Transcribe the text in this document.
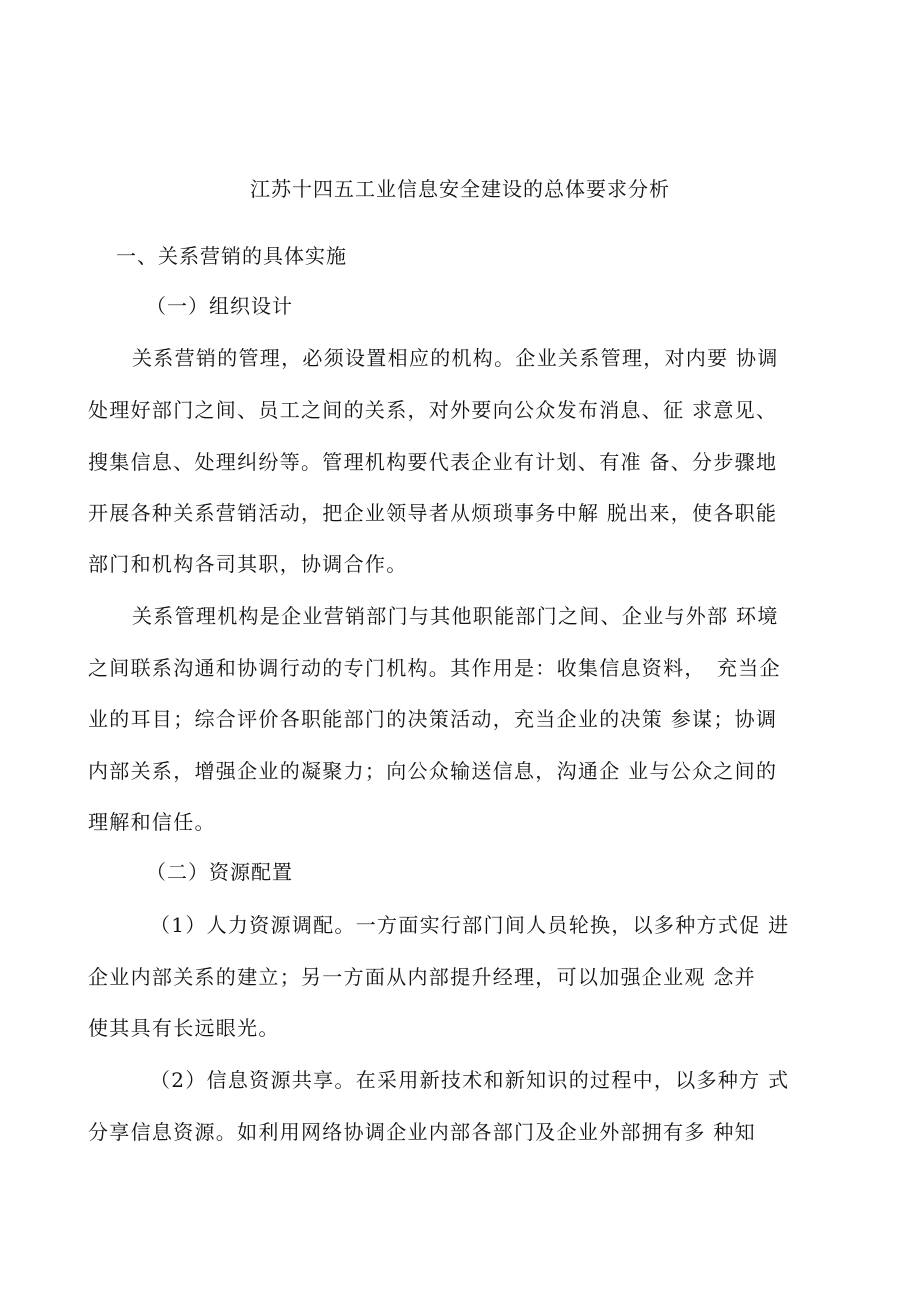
江苏十四五工业信息安全建设的总体要求分析
一、关系营销的具体实施
（一）组织设计
关系营销的管理，必须设置相应的机构。企业关系管理，对内要 协调
处理好部门之间、员工之间的关系，对外要向公众发布消息、征 求意见、
搜集信息、处理纠纷等。管理机构要代表企业有计划、有准 备、分步骤地
开展各种关系营销活动，把企业领导者从烦琐事务中解 脱出来，使各职能
部门和机构各司其职，协调合作。
关系管理机构是企业营销部门与其他职能部门之间、企业与外部 环境
之间联系沟通和协调行动的专门机构。其作用是：收集信息资料，　充当企
业的耳目；综合评价各职能部门的决策活动，充当企业的决策 参谋；协调
内部关系，增强企业的凝聚力；向公众输送信息，沟通企 业与公众之间的
理解和信任。
（二）资源配置
（1）人力资源调配。一方面实行部门间人员轮换，以多种方式促 进
企业内部关系的建立；另一方面从内部提升经理，可以加强企业观 念并
使其具有长远眼光。
（2）信息资源共享。在采用新技术和新知识的过程中，以多种方 式
分享信息资源。如利用网络协调企业内部各部门及企业外部拥有多 种知
